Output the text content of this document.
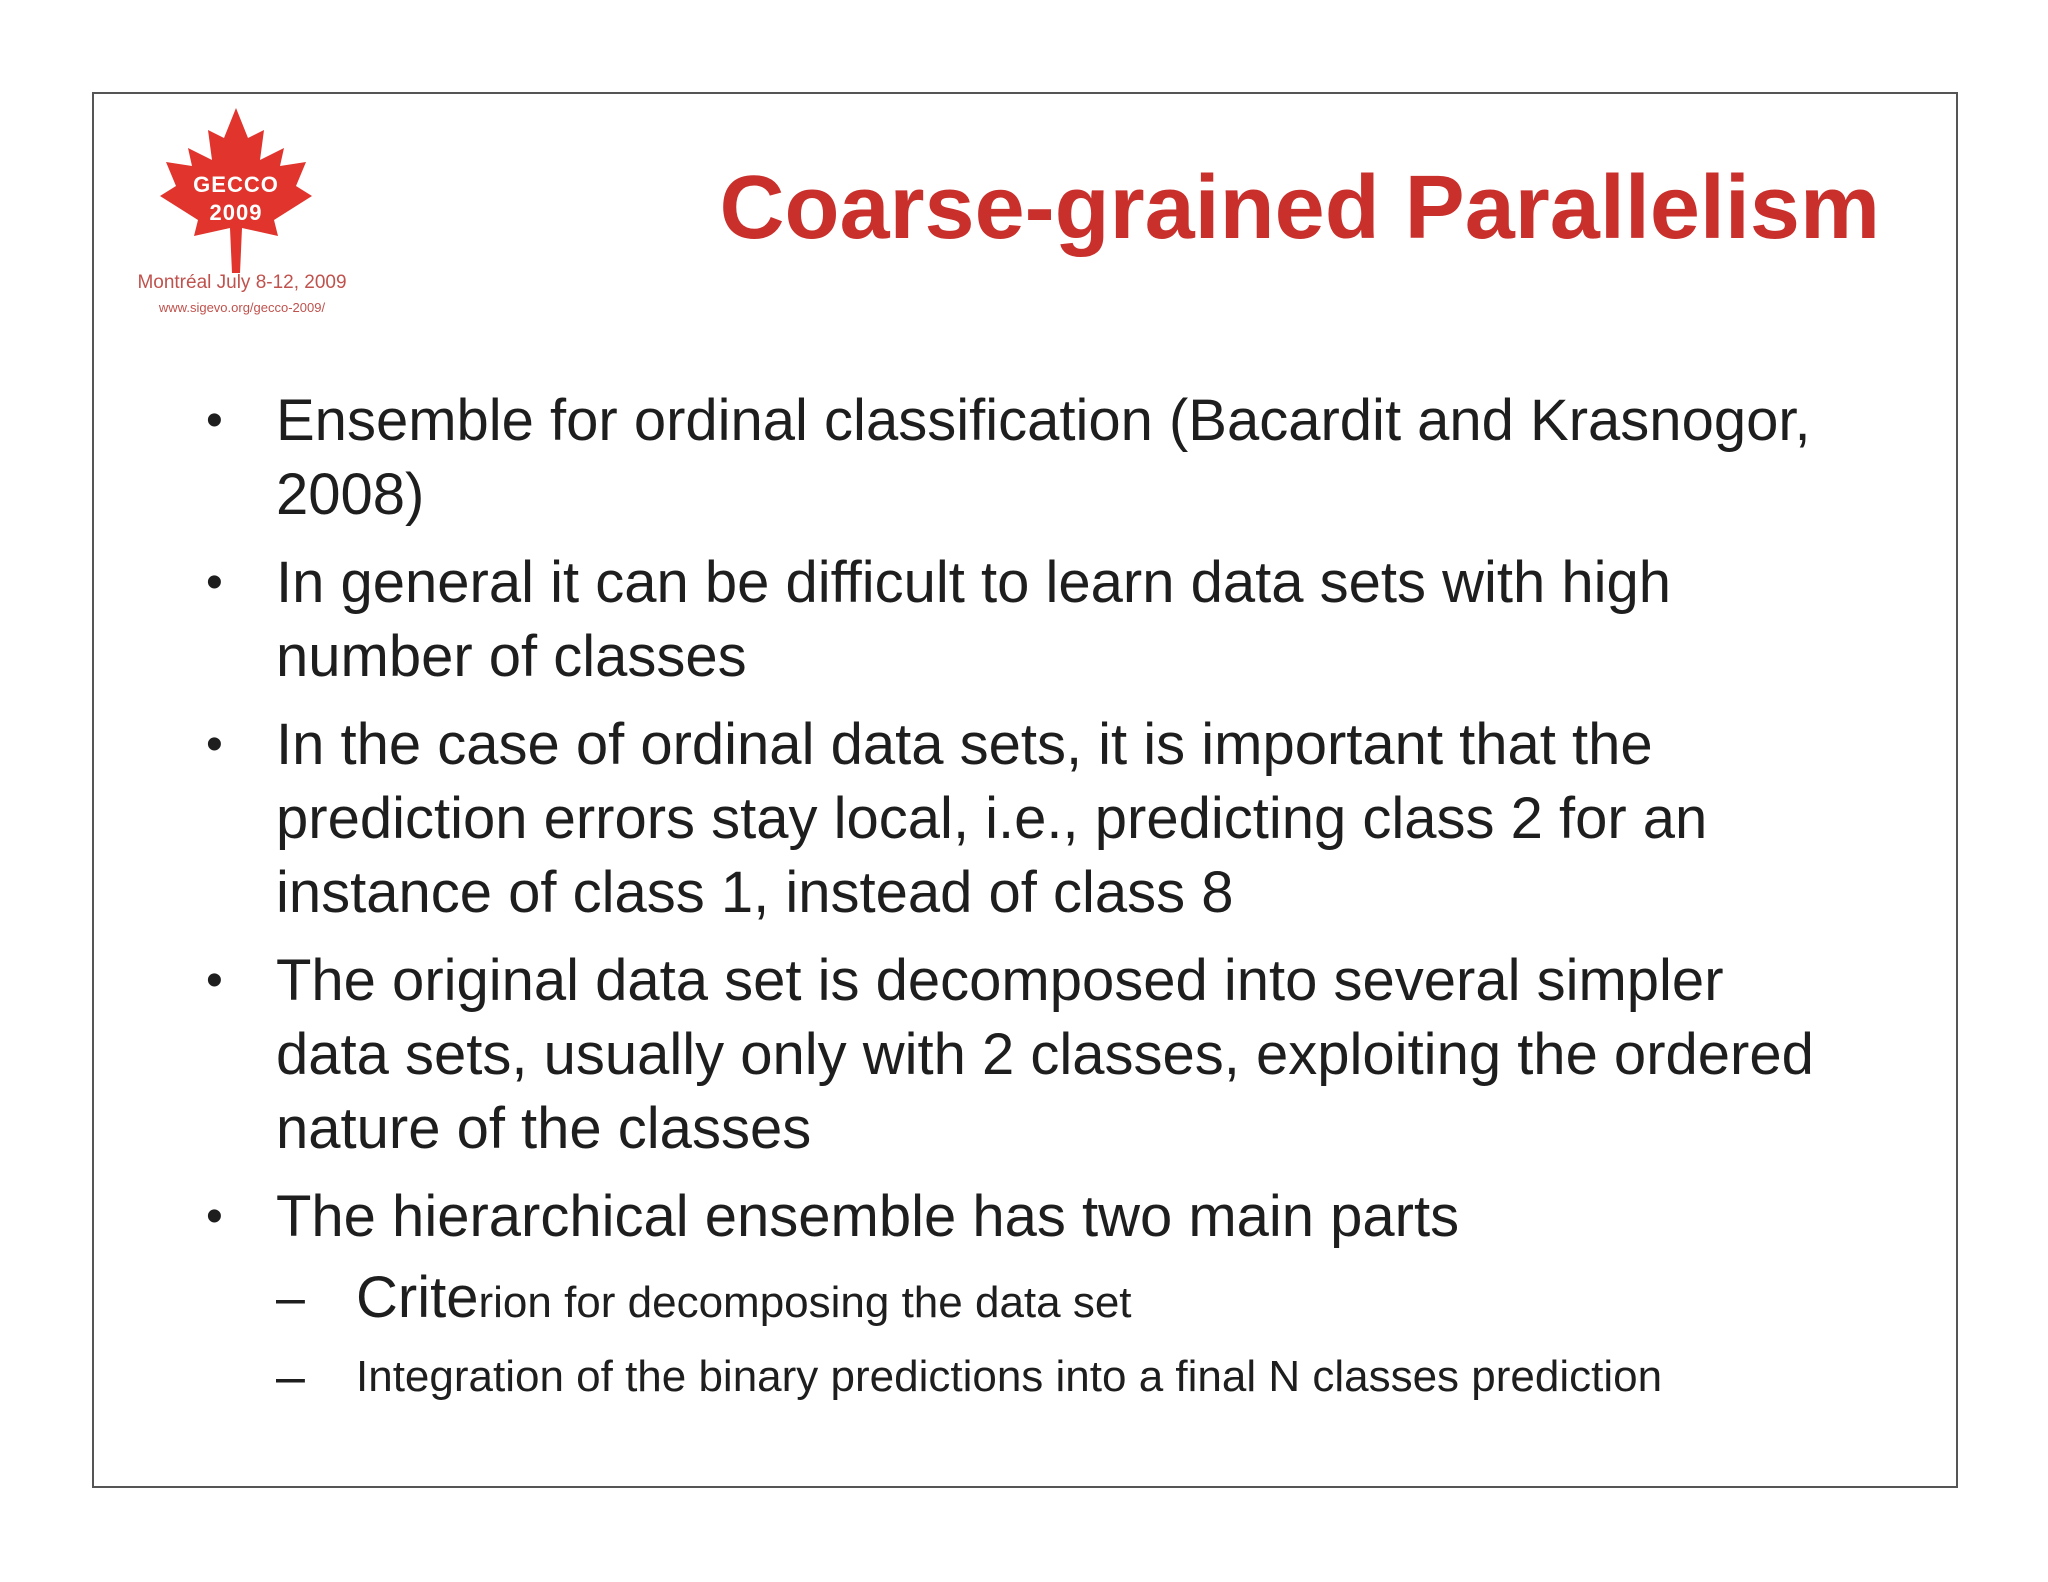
GECCO
2009
Montréal July 8-12, 2009
www.sigevo.org/gecco-2009/
Coarse-grained Parallelism
• Ensemble for ordinal classification (Bacardit and Krasnogor, 2008)
• In general it can be difficult to learn data sets with high number of classes
• In the case of ordinal data sets, it is important that the prediction errors stay local, i.e., predicting class 2 for an instance of class 1, instead of class 8
• The original data set is decomposed into several simpler data sets, usually only with 2 classes, exploiting the ordered nature of the classes
• The hierarchical ensemble has two main parts
– Criterion for decomposing the data set
– Integration of the binary predictions into a final N classes prediction
